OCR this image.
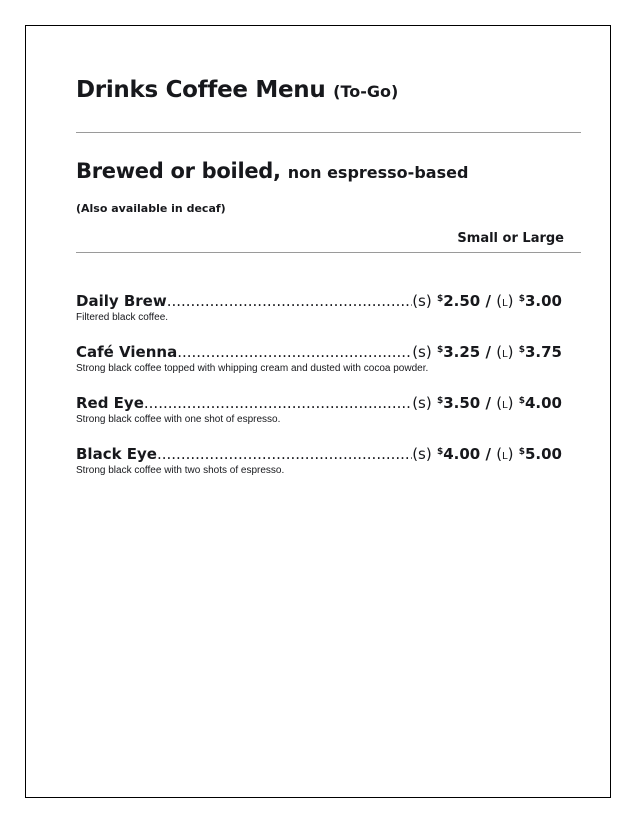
Drinks Coffee Menu (To-Go)
Brewed or boiled, non espresso-based
(Also available in decaf)
Small or Large
Daily Brew .....	(s) $2.50 / (L) $3.00
Filtered black coffee.
Café Vienna .....	(s) $3.25 / (L) $3.75
Strong black coffee topped with whipping cream and dusted with cocoa powder.
Red Eye .....	(s) $3.50 / (L) $4.00
Strong black coffee with one shot of espresso.
Black Eye .....	(s) $4.00 / (L) $5.00
Strong black coffee with two shots of espresso.
